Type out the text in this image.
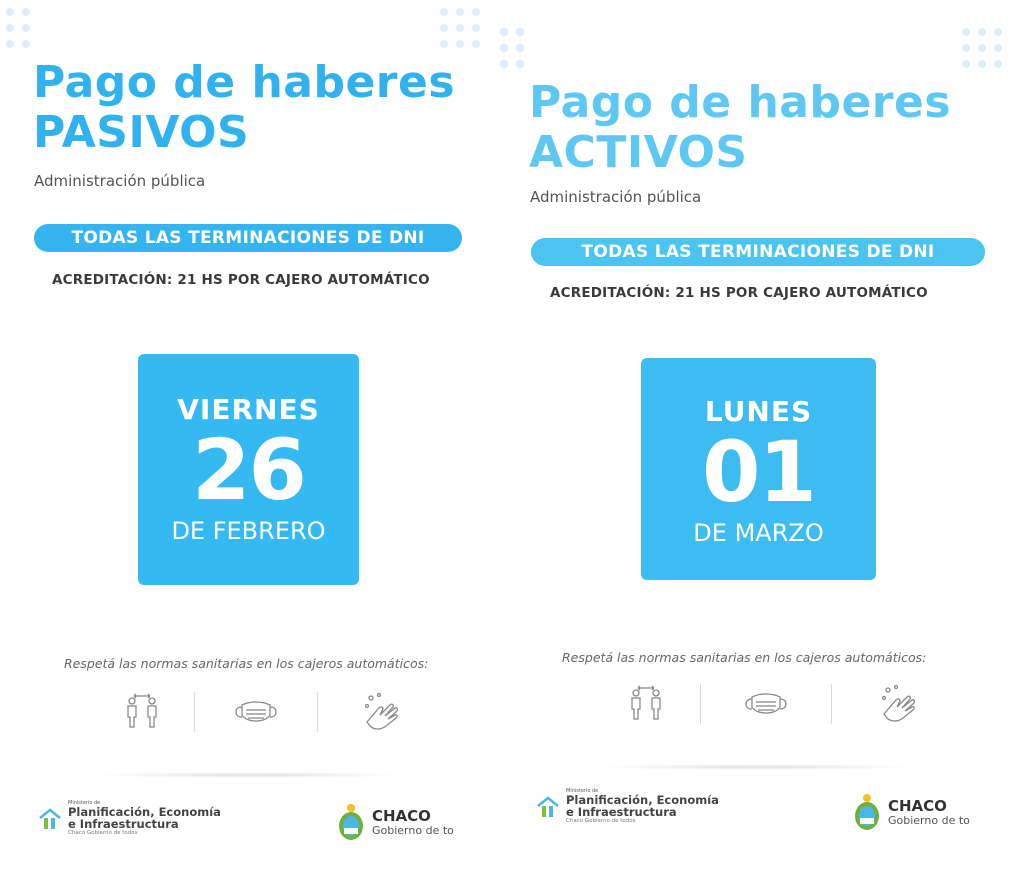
Pago de haberes
PASIVOS
Administración pública
TODAS LAS TERMINACIONES DE DNI
ACREDITACIÓN: 21 HS POR CAJERO AUTOMÁTICO
VIERNES
26
DE FEBRERO
Respetá las normas sanitarias en los cajeros automáticos:
Ministerio de
Planificación, Economía
e Infraestructura
Chaco Gobierno de todos
CHACO
Gobierno de to
Pago de haberes
ACTIVOS
Administración pública
TODAS LAS TERMINACIONES DE DNI
ACREDITACIÓN: 21 HS POR CAJERO AUTOMÁTICO
LUNES
01
DE MARZO
Respetá las normas sanitarias en los cajeros automáticos:
Ministerio de
Planificación, Economía
e Infraestructura
Chaco Gobierno de todos
CHACO
Gobierno de to
